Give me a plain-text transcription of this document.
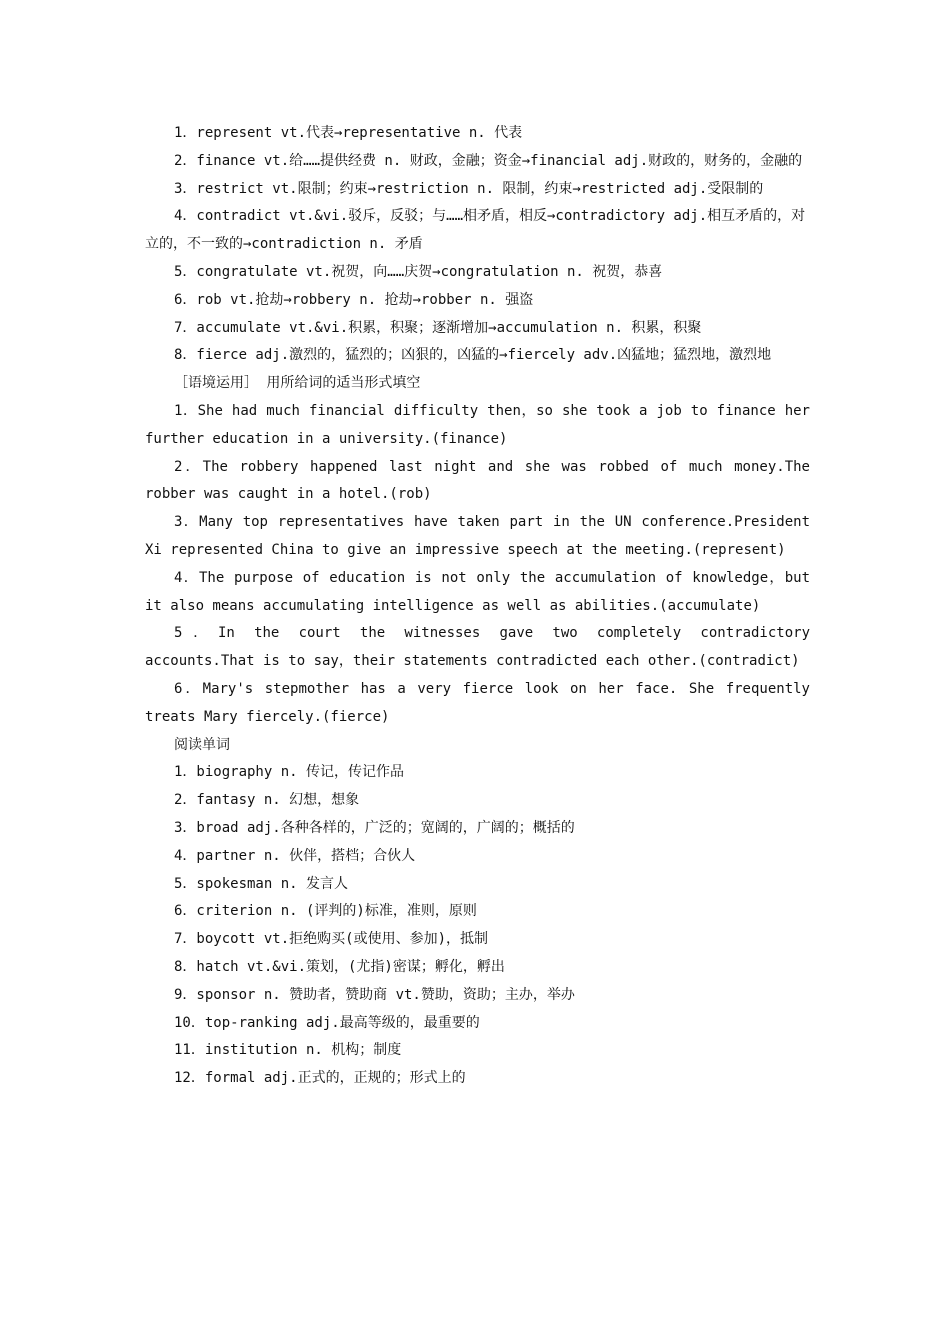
1．represent vt.代表→representative n. 代表

2．finance vt.给……提供经费 n. 财政，金融；资金→financial adj.财政的，财务的，金融的

3．restrict vt.限制；约束→restriction n. 限制，约束→restricted adj.受限制的

4．contradict vt.&vi.驳斥，反驳；与……相矛盾，相反→contradictory adj.相互矛盾的，对立的，不一致的→contradiction n. 矛盾

5．congratulate vt.祝贺，向……庆贺→congratulation n. 祝贺，恭喜

6．rob vt.抢劫→robbery n. 抢劫→robber n. 强盗

7．accumulate vt.&vi.积累，积聚；逐渐增加→accumulation n. 积累，积聚

8．fierce adj.激烈的，猛烈的；凶狠的，凶猛的→fiercely adv.凶猛地；猛烈地，激烈地

［语境运用］ 用所给词的适当形式填空

1．She had much financial difficulty then，so she took a job to finance her further education in a university.(finance)

2．The robbery happened last night and she was robbed of much money.The robber was caught in a hotel.(rob)

3．Many top representatives have taken part in the UN conference.President Xi represented China to give an impressive speech at the meeting.(represent)

4．The purpose of education is not only the accumulation of knowledge，but it also means accumulating intelligence as well as abilities.(accumulate)

5．In the court the witnesses gave two completely contradictory accounts.That is to say，their statements contradicted each other.(contradict)

6．Mary's stepmother has a very fierce look on her face. She frequently treats Mary fiercely.(fierce)

阅读单词

1．biography n. 传记，传记作品

2．fantasy n. 幻想，想象

3．broad adj.各种各样的，广泛的；宽阔的，广阔的；概括的

4．partner n. 伙伴，搭档；合伙人

5．spokesman n. 发言人

6．criterion n. (评判的)标准，准则，原则

7．boycott vt.拒绝购买(或使用、参加)，抵制

8．hatch vt.&vi.策划，(尤指)密谋；孵化，孵出

9．sponsor n. 赞助者，赞助商 vt.赞助，资助；主办，举办

10．top-ranking adj.最高等级的，最重要的

11．institution n. 机构；制度

12．formal adj.正式的，正规的；形式上的
